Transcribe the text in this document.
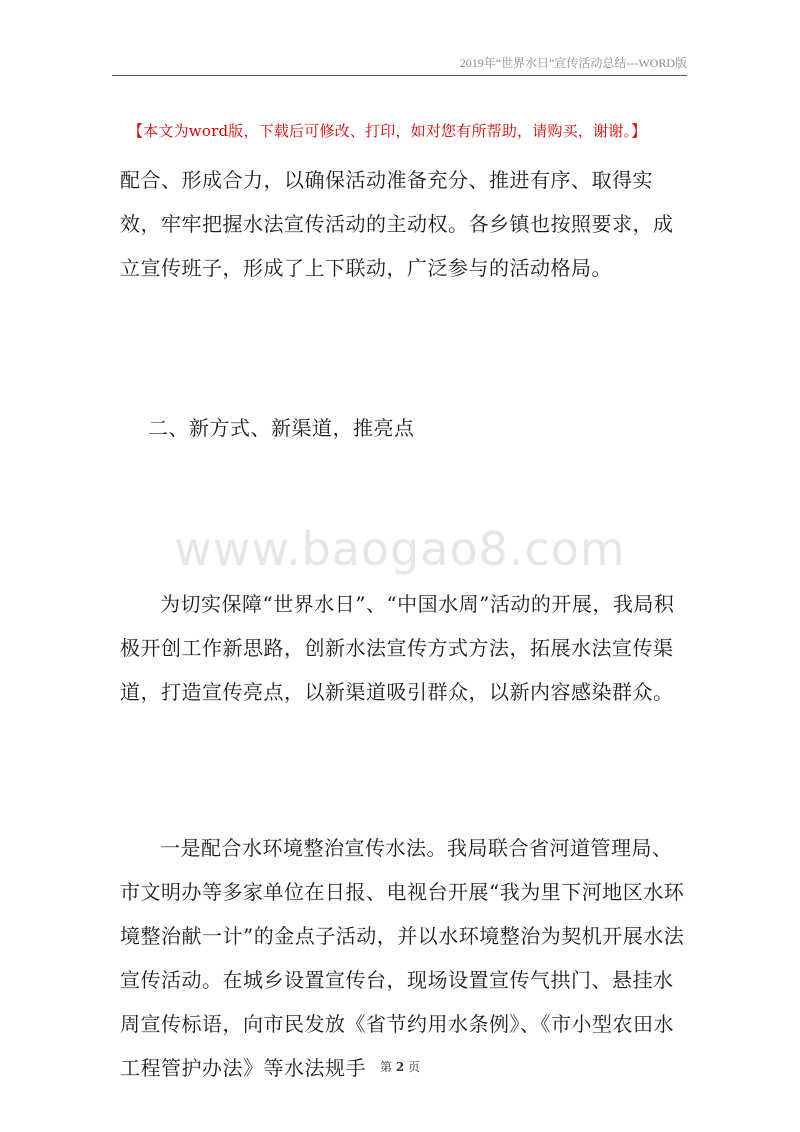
2019年“世界水日”宣传活动总结---WORD版
【本文为word版，下载后可修改、打印，如对您有所帮助，请购买，谢谢。】

配合、形成合力，以确保活动准备充分、推进有序、取得实效，牢牢把握水法宣传活动的主动权。各乡镇也按照要求，成立宣传班子，形成了上下联动，广泛参与的活动格局。

二、新方式、新渠道，推亮点
www.baogao8.com

为切实保障“世界水日”、“中国水周”活动的开展，我局积极开创工作新思路，创新水法宣传方式方法，拓展水法宣传渠道，打造宣传亮点，以新渠道吸引群众，以新内容感染群众。

一是配合水环境整治宣传水法。我局联合省河道管理局、市文明办等多家单位在日报、电视台开展“我为里下河地区水环境整治献一计”的金点子活动，并以水环境整治为契机开展水法宣传活动。在城乡设置宣传台，现场设置宣传气拱门、悬挂水周宣传标语，向市民发放《省节约用水条例》、《市小型农田水工程管护办法》等水法规手	第 2 页
